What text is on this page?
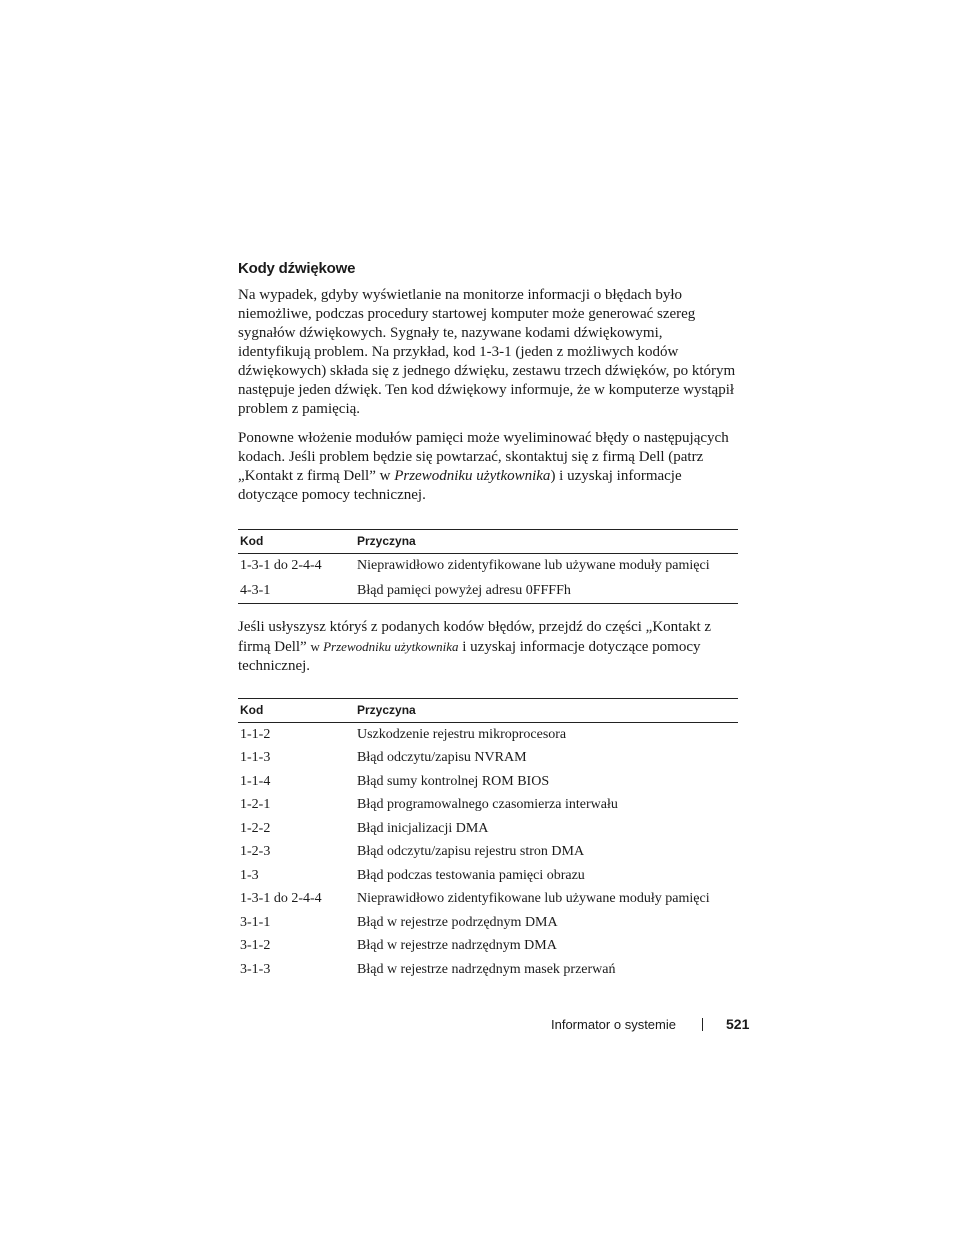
Kody dźwiękowe

Na wypadek, gdyby wyświetlanie na monitorze informacji o błędach było niemożliwe, podczas procedury startowej komputer może generować szereg sygnałów dźwiękowych. Sygnały te, nazywane kodami dźwiękowymi, identyfikują problem. Na przykład, kod 1-3-1 (jeden z możliwych kodów dźwiękowych) składa się z jednego dźwięku, zestawu trzech dźwięków, po którym następuje jeden dźwięk. Ten kod dźwiękowy informuje, że w komputerze wystąpił problem z pamięcią.

Ponowne włożenie modułów pamięci może wyeliminować błędy o następujących kodach. Jeśli problem będzie się powtarzać, skontaktuj się z firmą Dell (patrz „Kontakt z firmą Dell” w Przewodniku użytkownika) i uzyskaj informacje dotyczące pomocy technicznej.

Kod	Przyczyna
1-3-1 do 2-4-4	Nieprawidłowo zidentyfikowane lub używane moduły pamięci
4-3-1	Błąd pamięci powyżej adresu 0FFFFh

Jeśli usłyszysz któryś z podanych kodów błędów, przejdź do części „Kontakt z firmą Dell” w Przewodniku użytkownika i uzyskaj informacje dotyczące pomocy technicznej.

Kod	Przyczyna
1-1-2	Uszkodzenie rejestru mikroprocesora
1-1-3	Błąd odczytu/zapisu NVRAM
1-1-4	Błąd sumy kontrolnej ROM BIOS
1-2-1	Błąd programowalnego czasomierza interwału
1-2-2	Błąd inicjalizacji DMA
1-2-3	Błąd odczytu/zapisu rejestru stron DMA
1-3	Błąd podczas testowania pamięci obrazu
1-3-1 do 2-4-4	Nieprawidłowo zidentyfikowane lub używane moduły pamięci
3-1-1	Błąd w rejestrze podrzędnym DMA
3-1-2	Błąd w rejestrze nadrzędnym DMA
3-1-3	Błąd w rejestrze nadrzędnym masek przerwań
Informator o systemie	521
